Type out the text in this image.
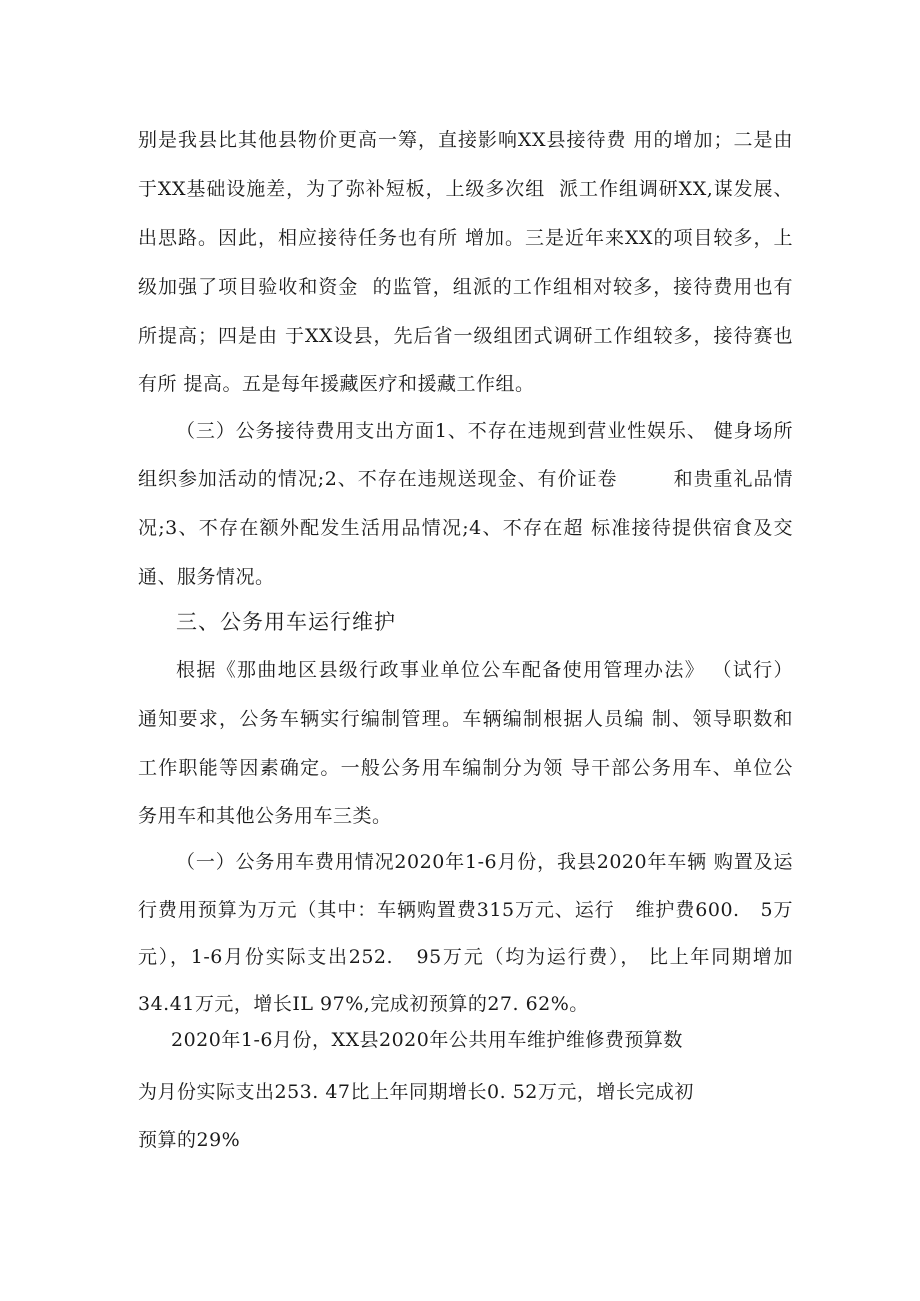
别是我县比其他县物价更高一筹，直接影响XX县接待费 用的增加；二是由
于XX基础设施差，为了弥补短板，上级多次组  派工作组调研XX,谋发展、
出思路。因此，相应接待任务也有所 增加。三是近年来XX的项目较多，上
级加强了项目验收和资金  的监管，组派的工作组相对较多，接待费用也有
所提高；四是由 于XX设县，先后省一级组团式调研工作组较多，接待赛也
有所 提高。五是每年援藏医疗和援藏工作组。
（三）公务接待费用支出方面1、不存在违规到营业性娱乐、 健身场所
组织参加活动的情况;2、不存在违规送现金、有价证卷        和贵重礼品情
况;3、不存在额外配发生活用品情况;4、不存在超 标准接待提供宿食及交
通、服务情况。
三、公务用车运行维护
根据《那曲地区县级行政事业单位公车配备使用管理办法》 （试行）
通知要求，公务车辆实行编制管理。车辆编制根据人员编 制、领导职数和
工作职能等因素确定。一般公务用车编制分为领 导干部公务用车、单位公
务用车和其他公务用车三类。
（一）公务用车费用情况2020年1-6月份，我县2020年车辆 购置及运
行费用预算为万元（其中：车辆购置费315万元、运行   维护费600.   5万
元），1-6月份实际支出252.   95万元（均为运行费）， 比上年同期增加
34.41万元，增长IL 97%,完成初预算的27. 62%。
2020年1-6月份，XX县2020年公共用车维护维修费预算数
为月份实际支出253. 47比上年同期增长0. 52万元，增长完成初
预算的29%
